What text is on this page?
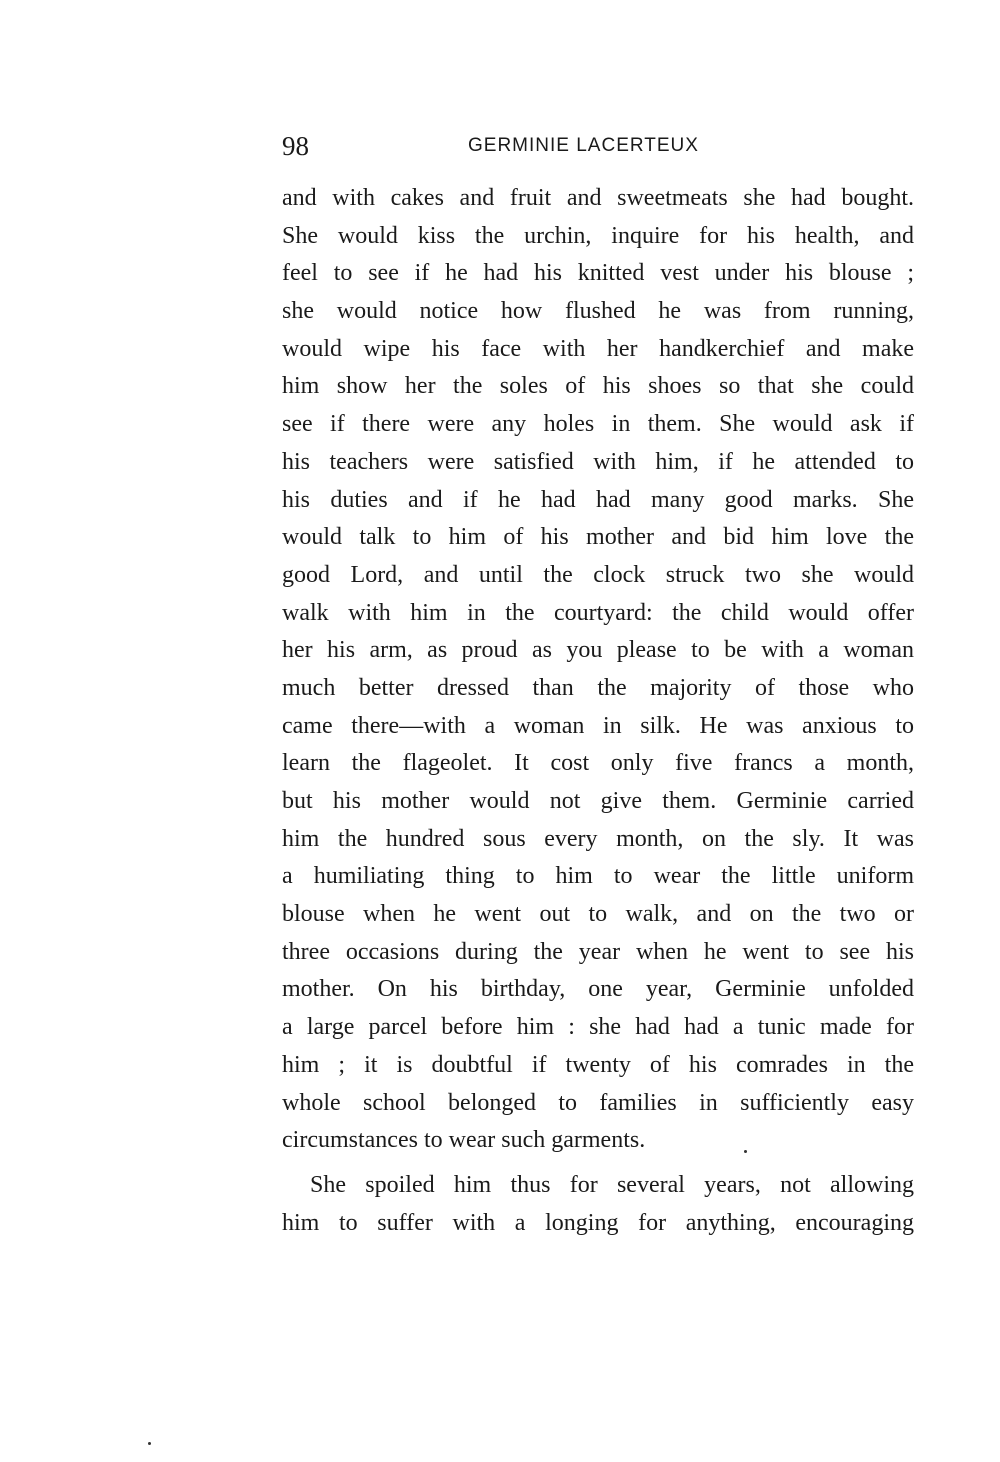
98	GERMINIE LACERTEUX
and with cakes and fruit and sweetmeats she had bought.
She would kiss the urchin, inquire for his health, and
feel to see if he had his knitted vest under his blouse ;
she would notice how flushed he was from running,
would wipe his face with her handkerchief and make
him show her the soles of his shoes so that she could
see if there were any holes in them. She would ask if
his teachers were satisfied with him, if he attended to
his duties and if he had had many good marks. She
would talk to him of his mother and bid him love the
good Lord, and until the clock struck two she would
walk with him in the courtyard: the child would offer
her his arm, as proud as you please to be with a woman
much better dressed than the majority of those who
came there—with a woman in silk. He was anxious to
learn the flageolet. It cost only five francs a month,
but his mother would not give them. Germinie carried
him the hundred sous every month, on the sly. It was
a humiliating thing to him to wear the little uniform
blouse when he went out to walk, and on the two or
three occasions during the year when he went to see his
mother. On his birthday, one year, Germinie unfolded
a large parcel before him : she had had a tunic made for
him ; it is doubtful if twenty of his comrades in the
whole school belonged to families in sufficiently easy
circumstances to wear such garments.
She spoiled him thus for several years, not allowing
him to suffer with a longing for anything, encouraging
